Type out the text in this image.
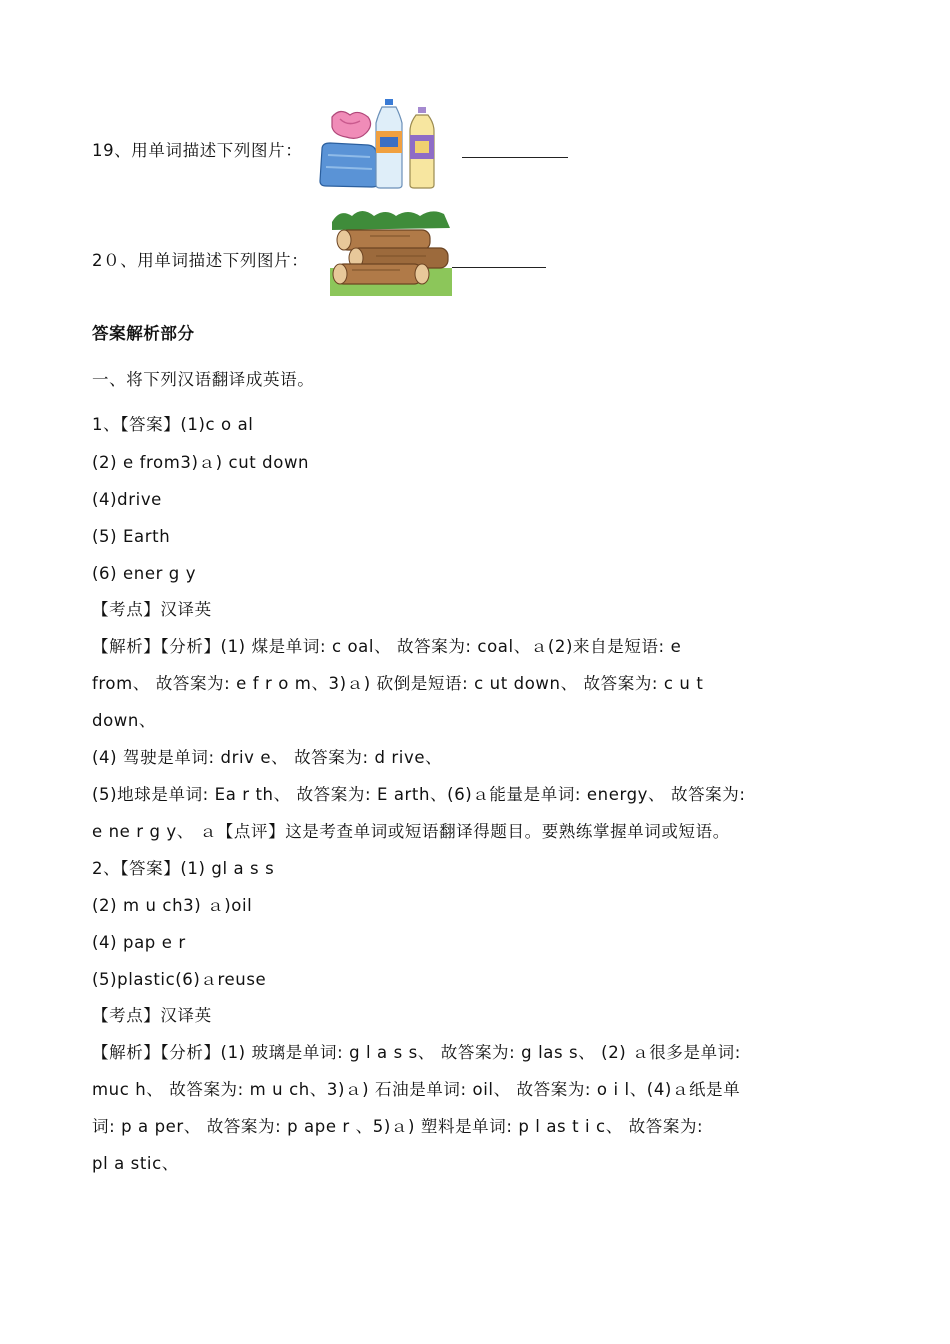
19、用单词描述下列图片：
2０、用单词描述下列图片：
答案解析部分
一、将下列汉语翻译成英语。
1、【答案】(1)c o al
(2) e from3)ａ) cut down
(4)drive
(5) Earth
(6) ener g y
【考点】汉译英
【解析】【分析】(1) 煤是单词: c oal、 故答案为: coal、ａ(2)来自是短语: e
from、 故答案为: e f r o m、3)ａ) 砍倒是短语: c ut down、 故答案为: c u t
down、
(4) 驾驶是单词: driv e、 故答案为: d rive、
(5)地球是单词: Ea r th、 故答案为: E arth、(6)ａ能量是单词: energy、 故答案为:
e ne r g y、 ａ【点评】这是考查单词或短语翻译得题目。要熟练掌握单词或短语。
2、【答案】(1) gl a s s
(2) m u ch3) ａ)oil
(4) pap e r
(5)plastic(6)ａreuse
【考点】汉译英
【解析】【分析】(1) 玻璃是单词: g l a s s、 故答案为: g las s、 (2) ａ很多是单词:
muc h、 故答案为: m u ch、3)ａ) 石油是单词: oil、 故答案为: o i l、(4)ａ纸是单
词: p a per、 故答案为: p ape r 、5)ａ) 塑料是单词: p l as t i c、 故答案为:
pl a stic、
